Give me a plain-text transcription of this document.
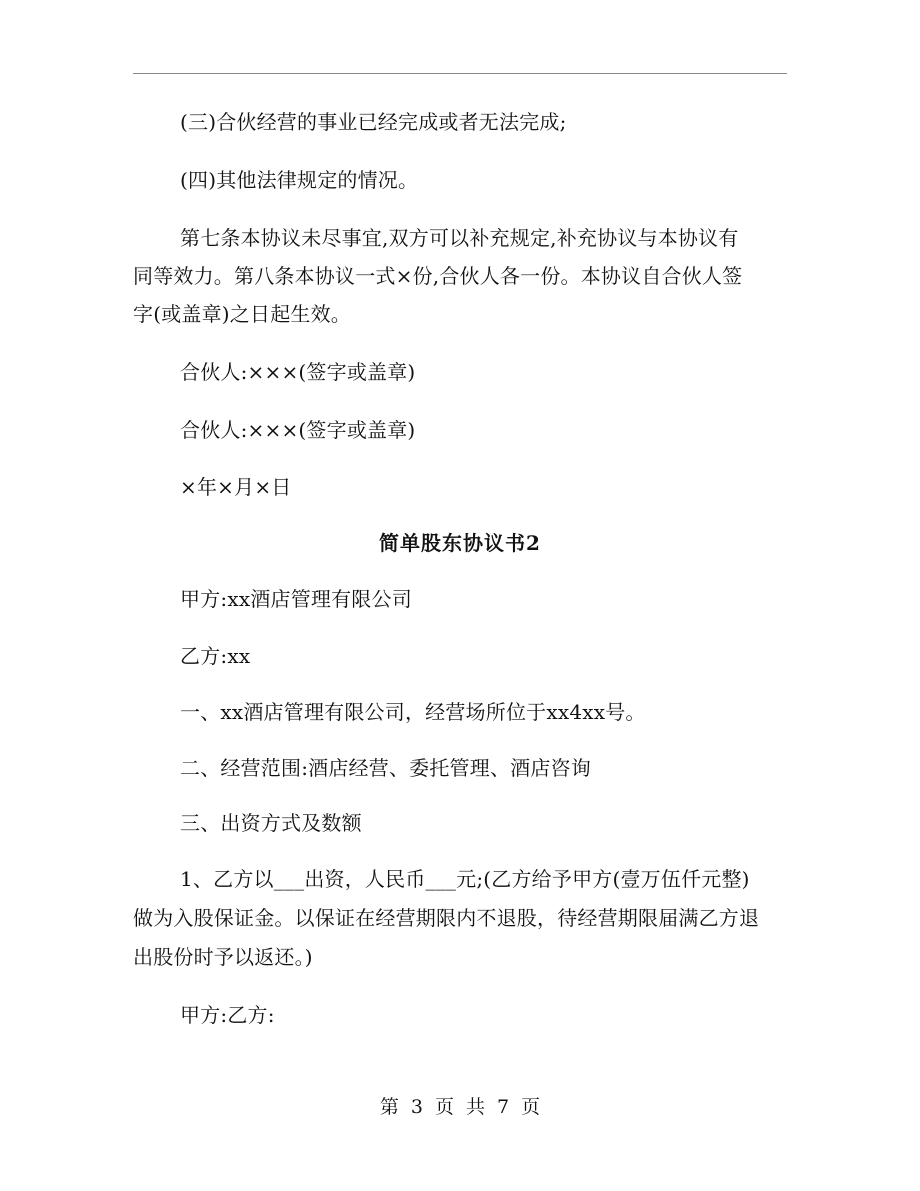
(三)合伙经营的事业已经完成或者无法完成;
(四)其他法律规定的情况。
第七条本协议未尽事宜,双方可以补充规定,补充协议与本协议有
同等效力。第八条本协议一式×份,合伙人各一份。本协议自合伙人签
字(或盖章)之日起生效。
合伙人:×××(签字或盖章)
合伙人:×××(签字或盖章)
×年×月×日
简单股东协议书2
甲方:xx酒店管理有限公司
乙方:xx
一、xx酒店管理有限公司，经营场所位于xx4xx号。
二、经营范围:酒店经营、委托管理、酒店咨询
三、出资方式及数额
1、乙方以___出资，人民币___元;(乙方给予甲方(壹万伍仟元整)
做为入股保证金。以保证在经营期限内不退股，待经营期限届满乙方退
出股份时予以返还。)
甲方:乙方:
第 3 页 共 7 页
